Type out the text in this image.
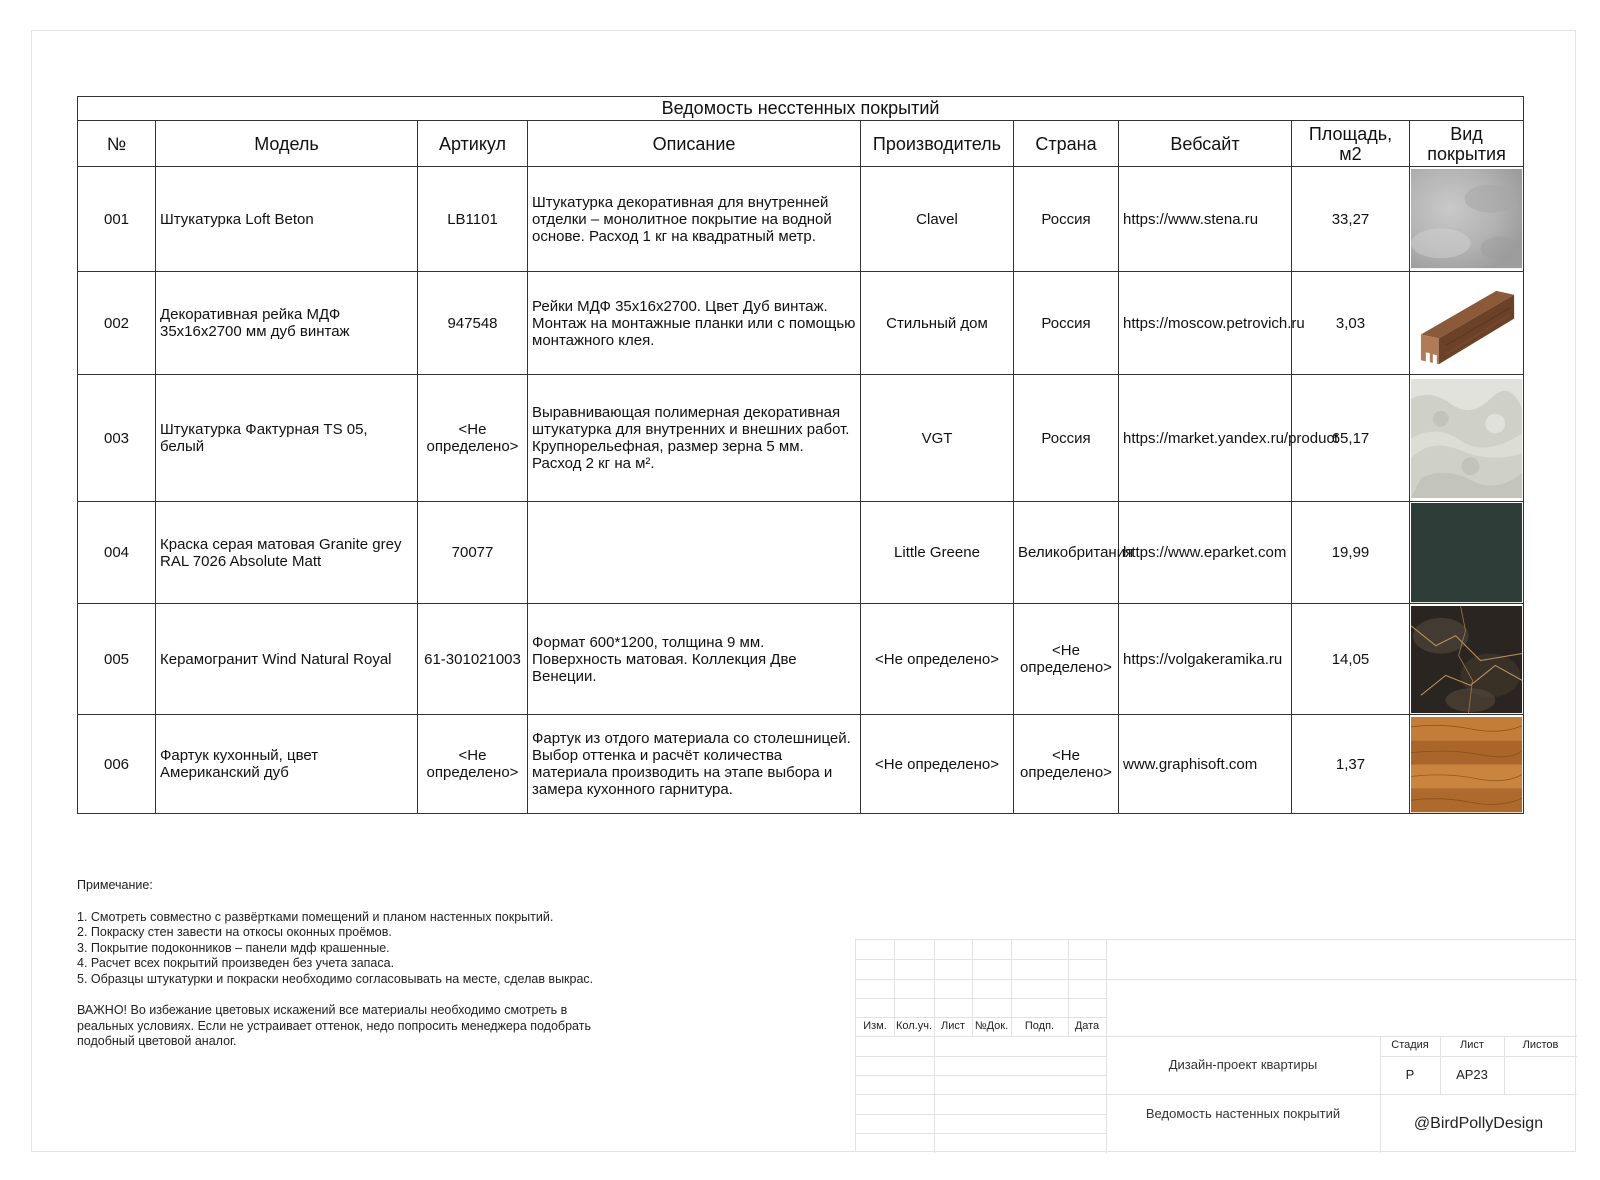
Ведомость несстенных покрытий								
№	Модель	Артикул	Описание	Производитель	Страна	Вебсайт	Площадь, м2	Вид покрытия
001	Штукатурка Loft Beton	LB1101	Штукатурка декоративная для внутренней отделки – монолитное покрытие на водной основе. Расход 1 кг на квадратный метр.	Clavel	Россия	https://www.stena.ru	33,27	

002	Декоративная рейка МДФ 35х16х2700 мм дуб винтаж	947548	Рейки МДФ 35х16х2700. Цвет Дуб винтаж. Монтаж на монтажные планки или с помощью монтажного клея.	Стильный дом	Россия	https://moscow.petrovich.ru	3,03	

003	Штукатурка Фактурная TS 05, белый	<Не определено>	Выравнивающая полимерная декоративная штукатурка для внутренних и внешних работ. Крупнорельефная, размер зерна 5 мм. Расход 2 кг на м².	VGT	Россия	https://market.yandex.ru/product	65,17	

004	Краска серая матовая Granite grey RAL 7026 Absolute Matt	70077		Little Greene	Великобритания	https://www.eparket.com	19,99	

005	Керамогранит Wind Natural Royal	61-301021003	Формат 600*1200, толщина 9 мм. Поверхность матовая. Коллекция Две Венеции.	<Не определено>	<Не определено>	https://volgakeramika.ru	14,05	

006	Фартук кухонный, цвет Американский дуб	<Не определено>	Фартук из отдого материала со столешницей. Выбор оттенка и расчёт количества материала производить на этапе выбора и замера кухонного гарнитура.	<Не определено>	<Не определено>	www.graphisoft.com	1,37	
Примечание:
1. Смотреть совместно с развёртками помещений и планом настенных покрытий.
2. Покраску стен завести на откосы оконных проёмов.
3. Покрытие подоконников – панели мдф крашенные.
4. Расчет всех покрытий произведен без учета запаса.
5. Образцы штукатурки и покраски необходимо согласовывать на месте, сделав выкрас.
ВАЖНО! Во избежание цветовых искажений все материалы необходимо смотреть в реальных условиях. Если не устраивает оттенок, недо попросить менеджера подобрать подобный цветовой аналог.
Изм. Кол.уч. Лист №Док.	Подп.	Дата
Дизайн-проект квартиры
Ведомость настенных покрытий
Стадия	Лист	Листов
Р	АР23
@BirdPollyDesign
